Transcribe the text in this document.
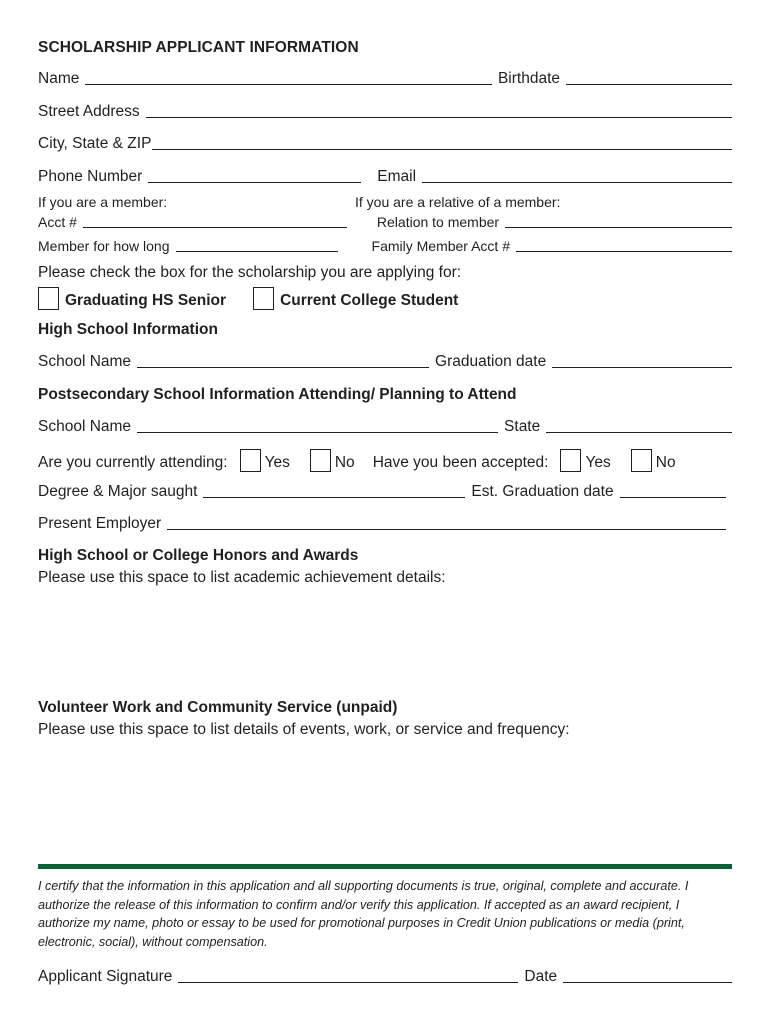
SCHOLARSHIP APPLICANT INFORMATION
Name	Birthdate
Street Address
City, State & ZIP
Phone Number	Email
If you are a member:	If you are a relative of a member:
Acct #	Relation to member
Member for how long	Family Member Acct #
Please check the box for the scholarship you are applying for:
Graduating HS Senior	Current College Student
High School Information
School Name	Graduation date
Postsecondary School Information Attending/ Planning to Attend
School Name	State
Are you currently attending: Yes	No Have you been accepted: Yes	No
Degree & Major saught	Est. Graduation date
Present Employer
High School or College Honors and Awards
Please use this space to list academic achievement details:
Volunteer Work and Community Service (unpaid)
Please use this space to list details of events, work, or service and frequency:
I certify that the information in this application and all supporting documents is true, original, complete and accurate. I authorize the release of this information to confirm and/or verify this application. If accepted as an award recipient, I authorize my name, photo or essay to be used for promotional purposes in Credit Union publications or media (print, electronic, social), without compensation.
Applicant Signature	Date
